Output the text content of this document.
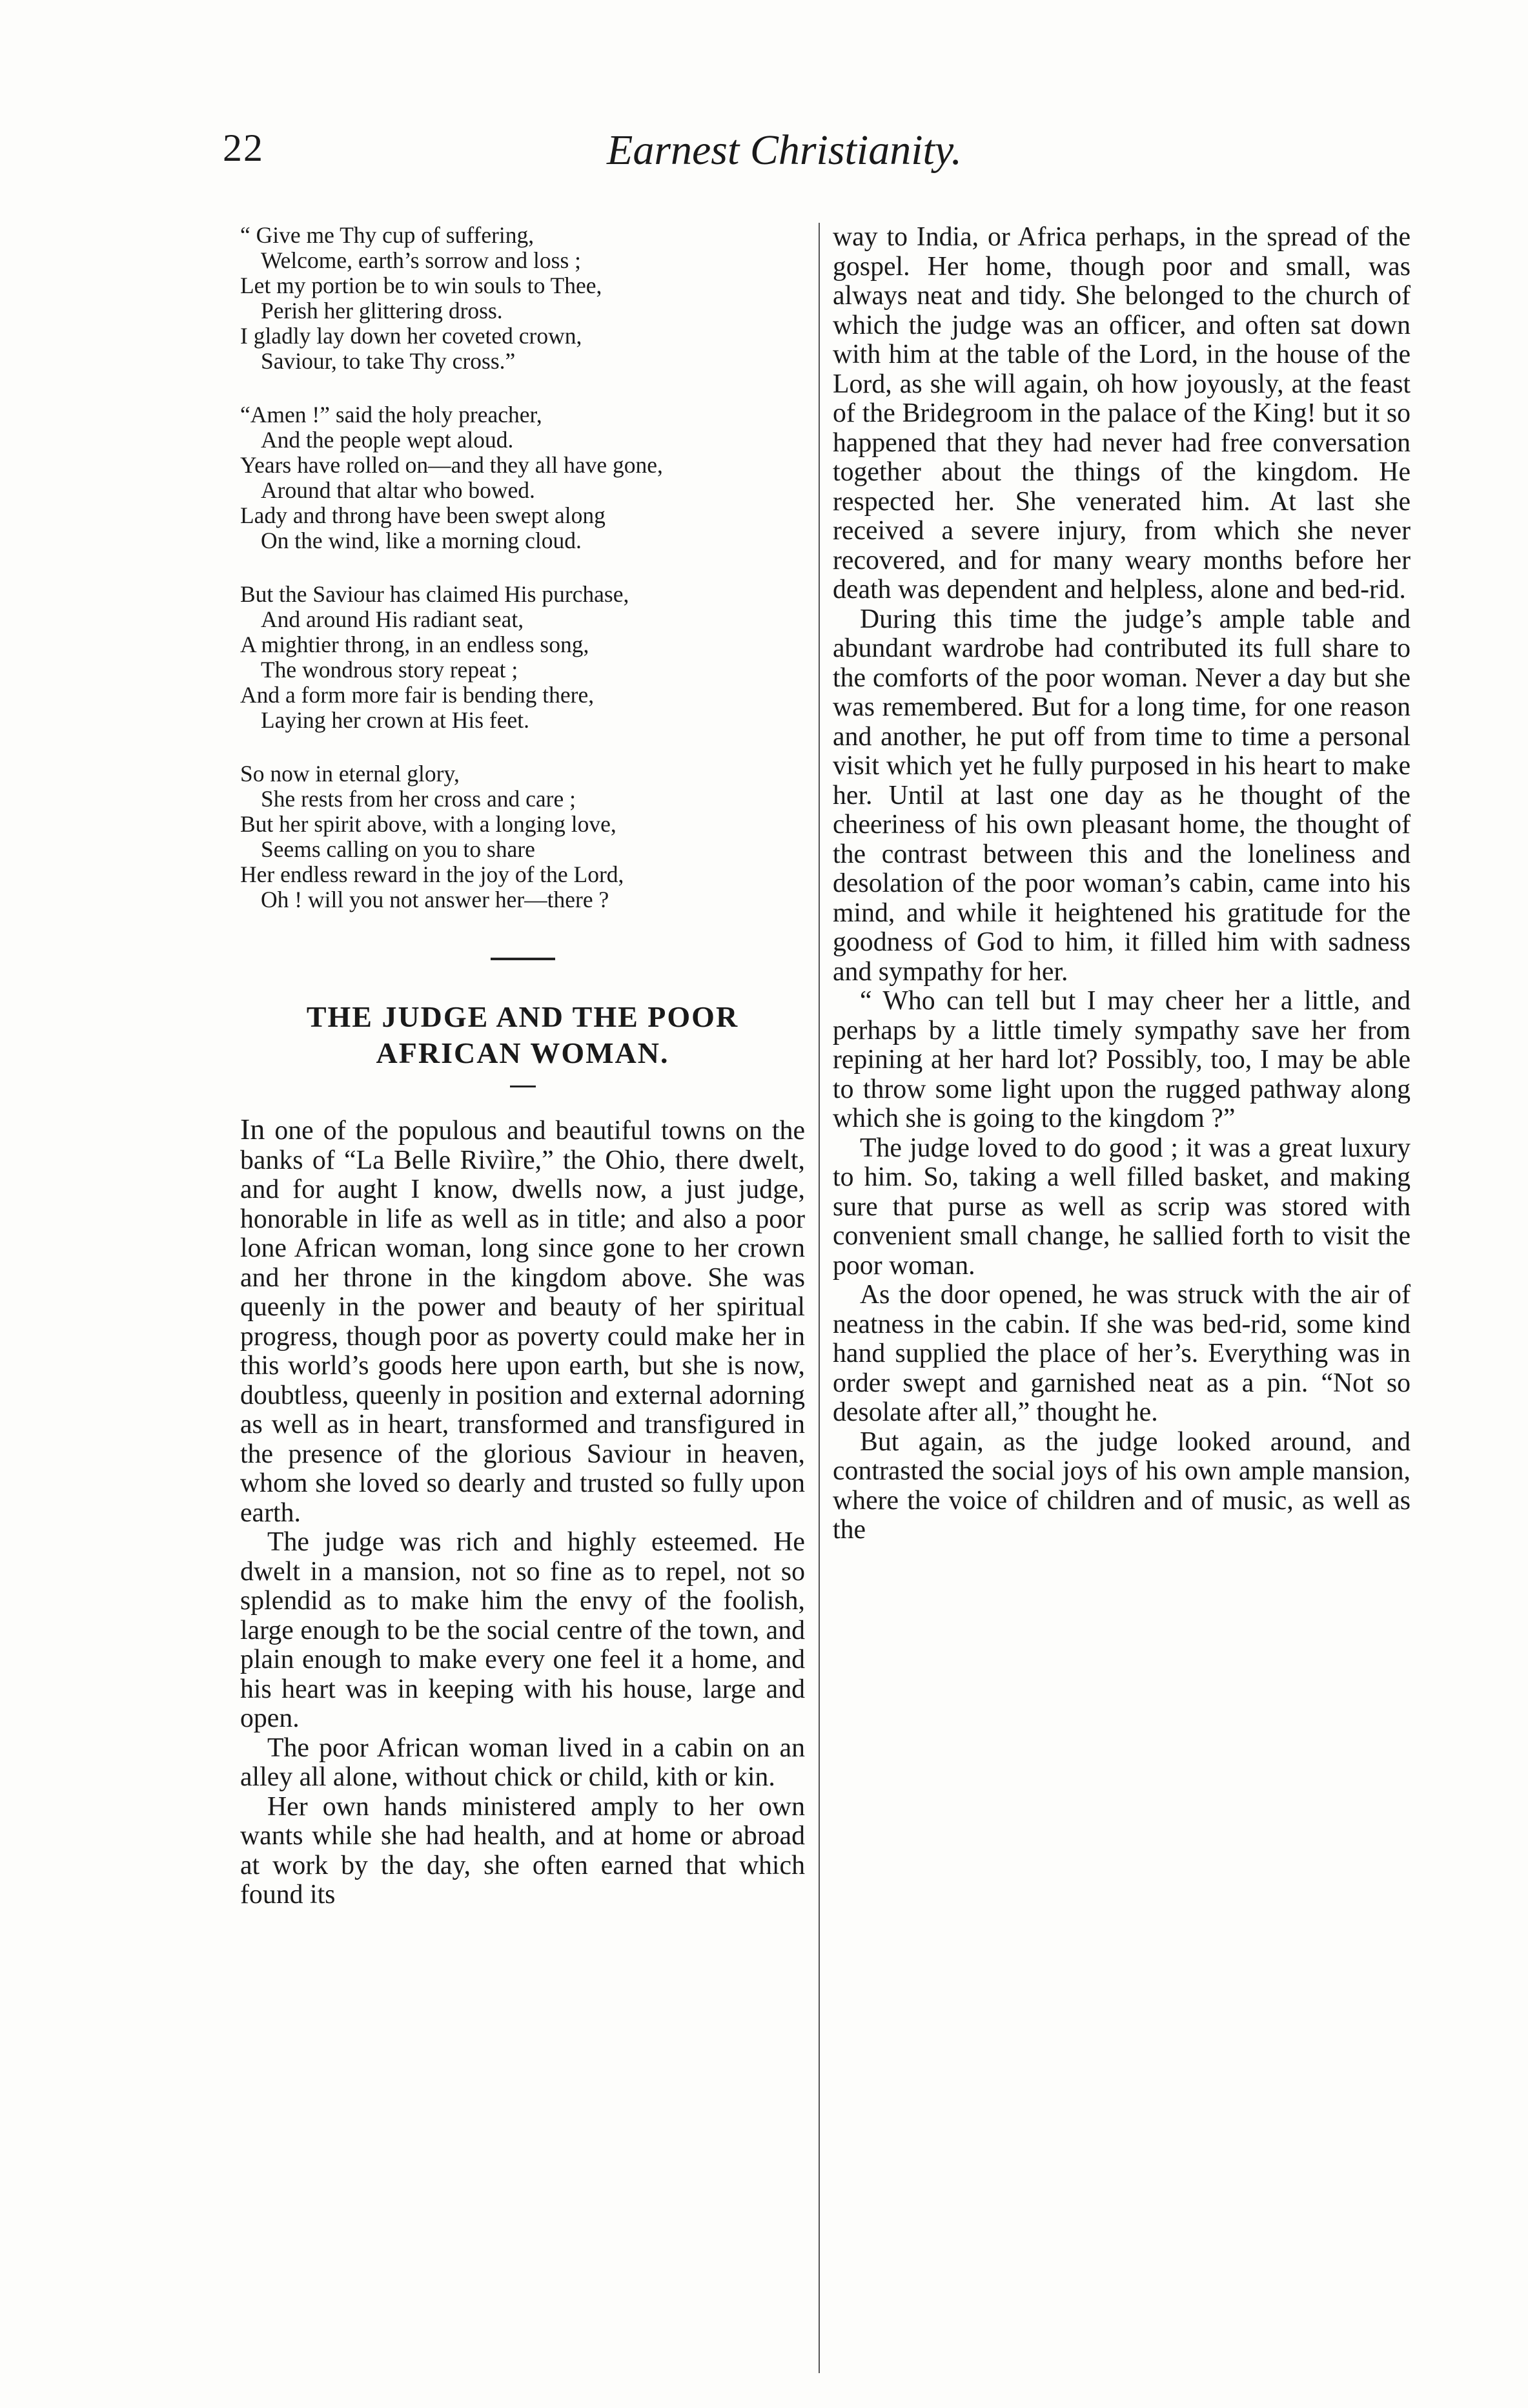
22	Earnest Christianity.
“ Give me Thy cup of suffering,
Welcome, earth’s sorrow and loss ;
Let my portion be to win souls to Thee,
Perish her glittering dross.
I gladly lay down her coveted crown,
Saviour, to take Thy cross.”
“Amen !” said the holy preacher,
And the people wept aloud.
Years have rolled on—and they all have gone,
Around that altar who bowed.
Lady and throng have been swept along
On the wind, like a morning cloud.
But the Saviour has claimed His purchase,
And around His radiant seat,
A mightier throng, in an endless song,
The wondrous story repeat ;
And a form more fair is bending there,
Laying her crown at His feet.
So now in eternal glory,
She rests from her cross and care ;
But her spirit above, with a longing love,
Seems calling on you to share
Her endless reward in the joy of the Lord,
Oh ! will you not answer her—there ?
THE JUDGE AND THE POOR
AFRICAN WOMAN.

In one of the populous and beautiful towns on the banks of “La Belle Riviìre,” the Ohio, there dwelt, and for aught I know, dwells now, a just judge, honorable in life as well as in title; and also a poor lone African woman, long since gone to her crown and her throne in the kingdom above. She was queenly in the power and beauty of her spiritual progress, though poor as poverty could make her in this world’s goods here upon earth, but she is now, doubtless, queenly in position and external adorning as well as in heart, transformed and transfigured in the presence of the glorious Saviour in heaven, whom she loved so dearly and trusted so fully upon earth.

The judge was rich and highly esteemed. He dwelt in a mansion, not so fine as to repel, not so splendid as to make him the envy of the foolish, large enough to be the social centre of the town, and plain enough to make every one feel it a home, and his heart was in keeping with his house, large and open.

The poor African woman lived in a cabin on an alley all alone, without chick or child, kith or kin.

Her own hands ministered amply to her own wants while she had health, and at home or abroad at work by the day, she often earned that which found its

way to India, or Africa perhaps, in the spread of the gospel. Her home, though poor and small, was always neat and tidy. She belonged to the church of which the judge was an officer, and often sat down with him at the table of the Lord, in the house of the Lord, as she will again, oh how joyously, at the feast of the Bridegroom in the palace of the King! but it so happened that they had never had free conversation together about the things of the kingdom. He respected her. She venerated him. At last she received a severe injury, from which she never recovered, and for many weary months before her death was dependent and helpless, alone and bed-rid.

During this time the judge’s ample table and abundant wardrobe had contributed its full share to the comforts of the poor woman. Never a day but she was remembered. But for a long time, for one reason and another, he put off from time to time a personal visit which yet he fully purposed in his heart to make her. Until at last one day as he thought of the cheeriness of his own pleasant home, the thought of the contrast between this and the loneliness and desolation of the poor woman’s cabin, came into his mind, and while it heightened his gratitude for the goodness of God to him, it filled him with sadness and sympathy for her.

“ Who can tell but I may cheer her a little, and perhaps by a little timely sympathy save her from repining at her hard lot? Possibly, too, I may be able to throw some light upon the rugged pathway along which she is going to the kingdom ?”

The judge loved to do good ; it was a great luxury to him. So, taking a well filled basket, and making sure that purse as well as scrip was stored with convenient small change, he sallied forth to visit the poor woman.

As the door opened, he was struck with the air of neatness in the cabin. If she was bed-rid, some kind hand supplied the place of her’s. Everything was in order swept and garnished neat as a pin. “Not so desolate after all,” thought he.

But again, as the judge looked around, and contrasted the social joys of his own ample mansion, where the voice of children and of music, as well as the
